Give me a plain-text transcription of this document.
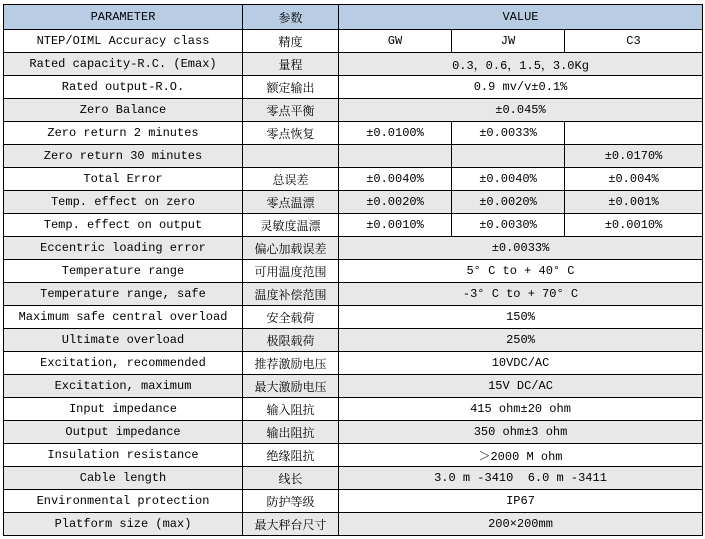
PARAMETER	参数	VALUE		
NTEP/OIML Accuracy class	精度	GW	JW	C3
Rated capacity-R.C. (Emax)	量程	0.3，0.6，1.5，3.0Kg		
Rated output-R.O.	额定输出	0.9 mv/v±0.1%		
Zero Balance	零点平衡	±0.045%		
Zero return 2 minutes	零点恢复	±0.0100%	±0.0033%	
Zero return 30 minutes				±0.0170%
Total Error	总误差	±0.0040%	±0.0040%	±0.004%
Temp. effect on zero	零点温漂	±0.0020%	±0.0020%	±0.001%
Temp. effect on output	灵敏度温漂	±0.0010%	±0.0030%	±0.0010%
Eccentric loading error	偏心加载误差	±0.0033%		
Temperature range	可用温度范围	5° C to + 40° C		
Temperature range, safe	温度补偿范围	-3° C to + 70° C		
Maximum safe central overload	安全载荷	150%		
Ultimate overload	极限载荷	250%		
Excitation, recommended	推荐激励电压	10VDC/AC		
Excitation, maximum	最大激励电压	15V DC/AC		
Input impedance	输入阻抗	415 ohm±20 ohm		
Output impedance	输出阻抗	350 ohm±3 ohm		
Insulation resistance	绝缘阻抗	＞2000 M ohm		
Cable length	线长	3.0 m -3410  6.0 m -3411		
Environmental protection	防护等级	IP67		
Platform size (max)	最大秤台尺寸	200×200mm		
